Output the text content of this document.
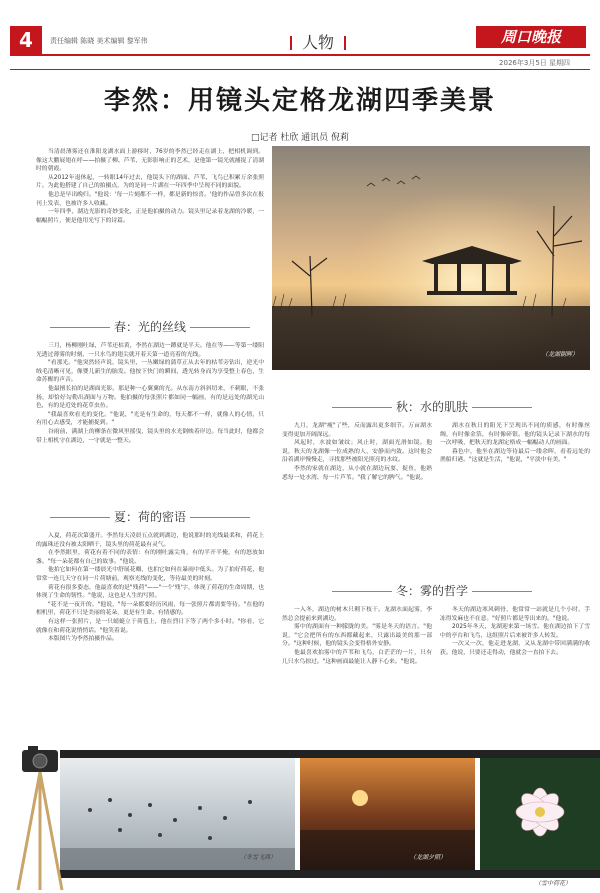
4	责任编辑 陈晓 美术编辑 黎军伟	人物	周口晚报
2026年3月5日 星期四
李然：用镜头定格龙湖四季美景
□记者 杜欣 通讯员 倪莉

当清晨薄雾还在淮阳龙湖水面上游移时，76岁的李然已经走在湖上，把相机调到。像这大鹏展翅在呼——拍摄了柳、芦苇，无影影响正的艺术，是他第一镜光就捕捉了清湖时的朝霞。

从2012年退休起，一转眼14年过去，他镜头下的湖面、芦苇、飞鸟已积累万余张照片。为此他搭建了自己的拍摄点，为的是同一片湖在一年四季中呈现不同的面貌。

他总是早出晚归。"他说：'每一片刻都不一样，都是新的惊喜。'他的作品曾多次在报刊上发表，也被许多人收藏。

一年四季，湖边光影的奇妙变化，正是他拍摄的动力。镜头里记录着龙湖的冷暖，一幅幅照片，便是他用光写下的诗篇。

（龙湖朝晖）
春：光的丝线

三月，杨柳刚吐绿，芦苇还枯黄，李然在湖边一蹲就是半天。他在等——等第一缕阳光透过薄雾的时刻，一只水鸟的翅尖就开着天第一道亮着的光线。

"看那光。"他突然轻声说，镜头里，一丛嫩绿的蒲草正从去年的枯苇旁钻出，逆光中绒毛清晰可见，像婴儿新生的胎发。他按下快门的瞬间，透光转身而为享受整上春色，生命苏醒的声音。

他最擅长拍的是湖面光影。那是种一心翼翼的光。从东南方斜斜切来，不刺眼，不张扬，却恰好勾勒出湖面与万物。他拍摄的每张照片都如同一幅画，有的是远处的湖光山色，有的是近处的花草虫鱼。

"我最喜欢看光的变化。"他说，"光是有生命的，每天都不一样，就像人的心情，只有用心去感受，才能捕捉到。"

谷雨前，满湖上的柳条在微风里摇曳，镜头里的水光倒映着岸边。每当此时，他都会带上相机守在湖边，一守就是一整天。

夏：荷的密语

入夏，荷花次第盛开。李然每天凌晨五点就到湖边，他说那时的光线最柔和，荷花上的露珠还没有被太阳晒干，镜头里的荷花最有灵气。

在李然眼里，荷花有着不同的表情：有的刚吐露尖角，有的半开半掩，有的怒放如盏。"每一朵花都有自己的故事。"他说。

他拍它如何在第一缕晨光中舒展花瓣，也拍它如何在暴雨中低头。为了拍好荷花，他常常一连几天守在同一片荷塘前，观察光线的变化，等待最美的时刻。

荷花有很多姿态，他最喜欢的是"残荷"——"一个'残'字，体现了荷花的生命周期，也体现了生命的韧性。"他说，这也是人生的写照。

"花不是一夜开的。"他说，"每一朵都要经历风雨，每一张照片都需要等待。"在他的相机里，荷花不只是美丽的花朵，更是有生命、有情感的。

有这样一张照片，是一只蜻蜓立于荷苞上，他在烈日下等了两个多小时。"你看，它就像在和荷花说悄悄话。"他笑着说。

本版图片为李然拍摄作品。

秋：水的肌肤

九月，龙湖"瘦"了些，反而露出更多细节。万亩湖水变得更加开阔深远。

风起时，水波如皱纹；风止时，湖面光滑如镜。他说，秋天的龙湖像一位成熟的人，安静而内敛。这时他会沿着湖岸慢慢走，寻找那些被阳光照亮的水纹。

李然的家就在湖边，从小就在湖边玩耍、捉鱼，他熟悉每一处水湾、每一片芦苇。"我了解它的脾气。"他说。

湖水在秋日的阳光下呈现出不同的质感，有时像丝绸，有时像金箔，有时像碎银。他的镜头记录下湖水的每一次呼吸，把秋天的龙湖定格成一幅幅动人的画面。

暮色中，他坐在湖边等待最后一缕余晖，看着远处的渔船归港。"这就是生活，"他说，"平淡中有美。"

冬：雾的哲学

一入冬，湖边的树木只剩下枝干。龙湖水面起雾，李然总会提前来到湖边。

雾中的湖面有一种朦胧的美。"雾是冬天的语言。"他说，"它会把所有的东西都藏起来，只露出最美的那一部分。"这种时候，他的镜头会变得格外安静。

他最喜欢拍雾中的芦苇和飞鸟，白茫茫的一片，只有几只水鸟掠过。"这种画面最能让人静下心来。"他说。

冬天的湖边寒风刺骨，他常常一站就是几个小时，手冻得发麻也不在意。"好照片都是等出来的。"他说。

2025年冬天，龙湖迎来第一场雪。他在湖边拍下了雪中的亭台和飞鸟，这组照片后来被许多人转发。

一次又一次，他走进龙湖，又从龙湖中带回满满的收获。他说，只要还走得动，他就会一直拍下去。

（冬雪飞鸿）	（龙湖夕照）
（雪中荷花）
